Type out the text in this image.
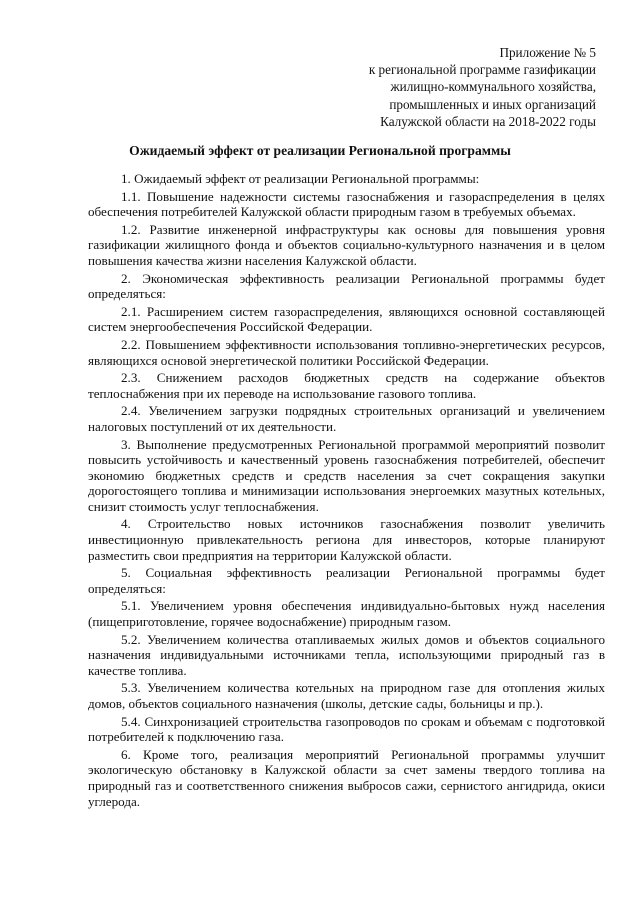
Приложение № 5
к региональной программе газификации
жилищно-коммунального хозяйства,
промышленных и иных организаций
Калужской области на 2018-2022 годы
Ожидаемый эффект от реализации Региональной программы

1. Ожидаемый эффект от реализации Региональной программы:

1.1. Повышение надежности системы газоснабжения и газораспределения в целях обеспечения потребителей Калужской области природным газом в требуемых объемах.

1.2. Развитие инженерной инфраструктуры как основы для повышения уровня газификации жилищного фонда и объектов социально-культурного назначения и в целом повышения качества жизни населения Калужской области.

2. Экономическая эффективность реализации Региональной программы будет определяться:

2.1. Расширением систем газораспределения, являющихся основной составляющей систем энергообеспечения Российской Федерации.

2.2. Повышением эффективности использования топливно-энергетических ресурсов, являющихся основой энергетической политики Российской Федерации.

2.3. Снижением расходов бюджетных средств на содержание объектов теплоснабжения при их переводе на использование газового топлива.

2.4. Увеличением загрузки подрядных строительных организаций и увеличением налоговых поступлений от их деятельности.

3. Выполнение предусмотренных Региональной программой мероприятий позволит повысить устойчивость и качественный уровень газоснабжения потребителей, обеспечит экономию бюджетных средств и средств населения за счет сокращения закупки дорогостоящего топлива и минимизации использования энергоемких мазутных котельных, снизит стоимость услуг теплоснабжения.

4. Строительство новых источников газоснабжения позволит увеличить инвестиционную привлекательность региона для инвесторов, которые планируют разместить свои предприятия на территории Калужской области.

5. Социальная эффективность реализации Региональной программы будет определяться:

5.1. Увеличением уровня обеспечения индивидуально-бытовых нужд населения (пищеприготовление, горячее водоснабжение) природным газом.

5.2. Увеличением количества отапливаемых жилых домов и объектов социального назначения индивидуальными источниками тепла, использующими природный газ в качестве топлива.

5.3. Увеличением количества котельных на природном газе для отопления жилых домов, объектов социального назначения (школы, детские сады, больницы и пр.).

5.4. Синхронизацией строительства газопроводов по срокам и объемам с подготовкой потребителей к подключению газа.

6. Кроме того, реализация мероприятий Региональной программы улучшит экологическую обстановку в Калужской области за счет замены твердого топлива на природный газ и соответственного снижения выбросов сажи, сернистого ангидрида, окиси углерода.
